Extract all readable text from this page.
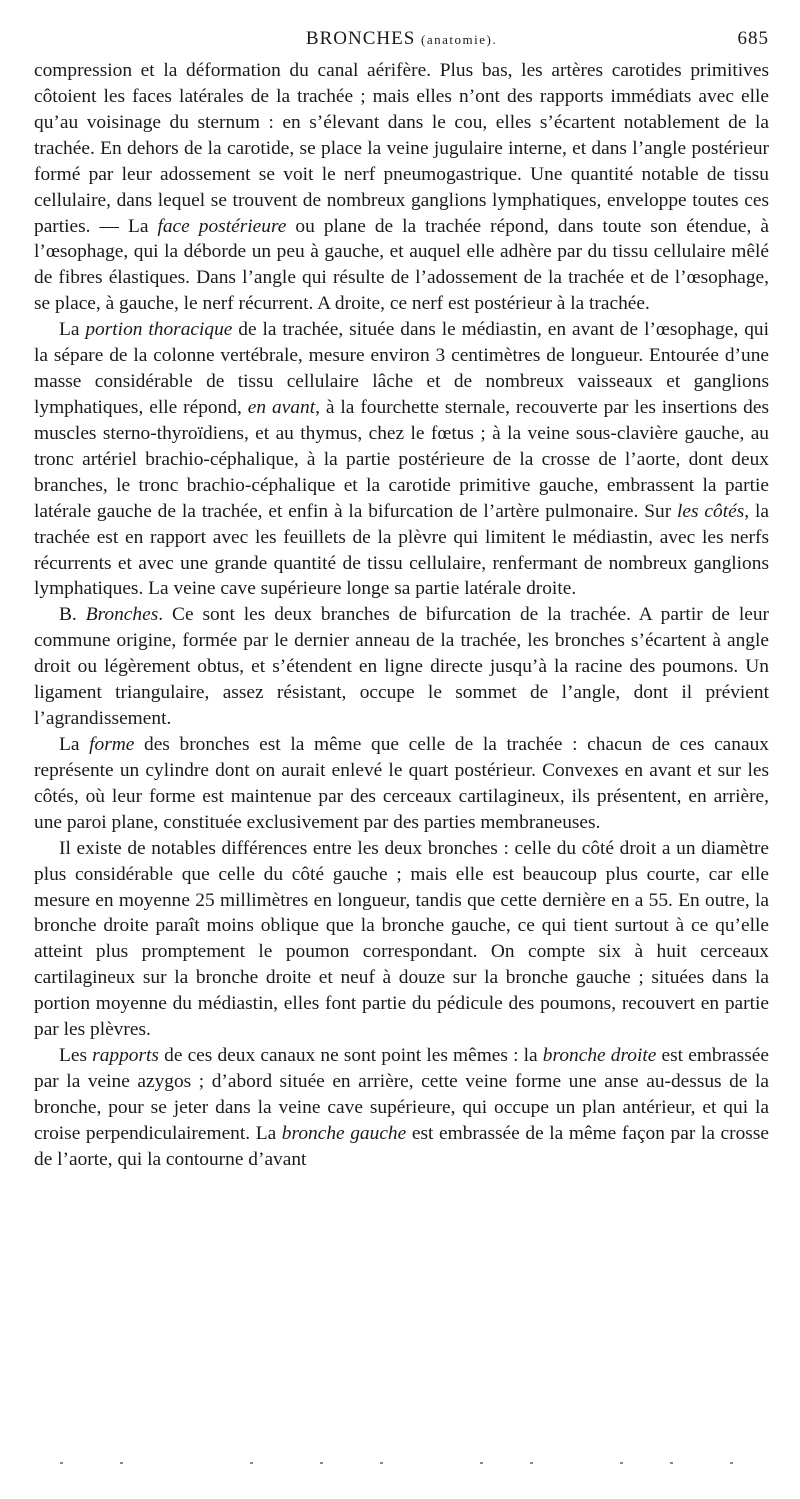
BRONCHES (anatomie).	685

compression et la déformation du canal aérifère. Plus bas, les artères carotides primitives côtoient les faces latérales de la trachée ; mais elles n’ont des rapports immédiats avec elle qu’au voisinage du sternum : en s’élevant dans le cou, elles s’écartent notablement de la trachée. En dehors de la carotide, se place la veine jugulaire interne, et dans l’angle postérieur formé par leur adossement se voit le nerf pneumogastrique. Une quantité notable de tissu cellulaire, dans lequel se trouvent de nombreux ganglions lymphatiques, enveloppe toutes ces parties. — La face postérieure ou plane de la trachée répond, dans toute son étendue, à l’œsophage, qui la déborde un peu à gauche, et auquel elle adhère par du tissu cellulaire mêlé de fibres élastiques. Dans l’angle qui résulte de l’adossement de la trachée et de l’œsophage, se place, à gauche, le nerf récurrent. A droite, ce nerf est postérieur à la trachée.

La portion thoracique de la trachée, située dans le médiastin, en avant de l’œsophage, qui la sépare de la colonne vertébrale, mesure environ 3 centimètres de longueur. Entourée d’une masse considérable de tissu cellulaire lâche et de nombreux vaisseaux et ganglions lymphatiques, elle répond, en avant, à la fourchette sternale, recouverte par les insertions des muscles sterno-thyroïdiens, et au thymus, chez le fœtus ; à la veine sous-clavière gauche, au tronc artériel brachio-céphalique, à la partie postérieure de la crosse de l’aorte, dont deux branches, le tronc brachio-céphalique et la carotide primitive gauche, embrassent la partie latérale gauche de la trachée, et enfin à la bifurcation de l’artère pulmonaire. Sur les côtés, la trachée est en rapport avec les feuillets de la plèvre qui limitent le médiastin, avec les nerfs récurrents et avec une grande quantité de tissu cellulaire, renfermant de nombreux ganglions lymphatiques. La veine cave supérieure longe sa partie latérale droite.

B. Bronches. Ce sont les deux branches de bifurcation de la trachée. A partir de leur commune origine, formée par le dernier anneau de la trachée, les bronches s’écartent à angle droit ou légèrement obtus, et s’étendent en ligne directe jusqu’à la racine des poumons. Un ligament triangulaire, assez résistant, occupe le sommet de l’angle, dont il prévient l’agrandissement.

La forme des bronches est la même que celle de la trachée : chacun de ces canaux représente un cylindre dont on aurait enlevé le quart postérieur. Convexes en avant et sur les côtés, où leur forme est maintenue par des cerceaux cartilagineux, ils présentent, en arrière, une paroi plane, constituée exclusivement par des parties membraneuses.

Il existe de notables différences entre les deux bronches : celle du côté droit a un diamètre plus considérable que celle du côté gauche ; mais elle est beaucoup plus courte, car elle mesure en moyenne 25 millimètres en longueur, tandis que cette dernière en a 55. En outre, la bronche droite paraît moins oblique que la bronche gauche, ce qui tient surtout à ce qu’elle atteint plus promptement le poumon correspondant. On compte six à huit cerceaux cartilagineux sur la bronche droite et neuf à douze sur la bronche gauche ; situées dans la portion moyenne du médiastin, elles font partie du pédicule des poumons, recouvert en partie par les plèvres.

Les rapports de ces deux canaux ne sont point les mêmes : la bronche droite est embrassée par la veine azygos ; d’abord située en arrière, cette veine forme une anse au-dessus de la bronche, pour se jeter dans la veine cave supérieure, qui occupe un plan antérieur, et qui la croise perpendiculairement. La bronche gauche est embrassée de la même façon par la crosse de l’aorte, qui la contourne d’avant
